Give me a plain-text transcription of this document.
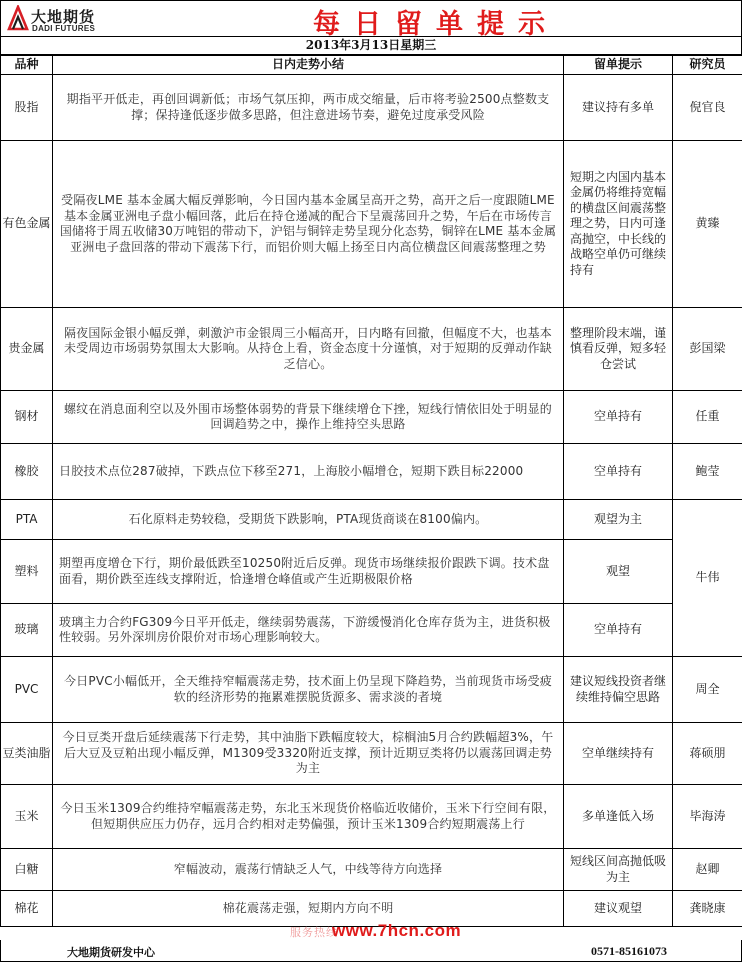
大地期货
DADI FUTURES	每日留单提示
2013年3月13日星期三
品种	日内走势小结	留单提示	研究员
股指	期指平开低走，再创回调新低；市场气氛压抑，两市成交缩量，后市将考验2500点整数支撑；保持逢低逐步做多思路，但注意进场节奏，避免过度承受风险	建议持有多单	倪官良
有色金属	受隔夜LME 基本金属大幅反弹影响，今日国内基本金属呈高开之势，高开之后一度跟随LME 基本金属亚洲电子盘小幅回落，此后在持仓递减的配合下呈震荡回升之势，午后在市场传言国储将于周五收储30万吨铝的带动下，沪铝与铜锌走势呈现分化态势，铜锌在LME 基本金属亚洲电子盘回落的带动下震荡下行，而铝价则大幅上扬至日内高位横盘区间震荡整理之势	短期之内国内基本金属仍将维持宽幅的横盘区间震荡整理之势，日内可逢高抛空，中长线的战略空单仍可继续持有	黄臻
贵金属	隔夜国际金银小幅反弹，刺激沪市金银周三小幅高开，日内略有回撤，但幅度不大，也基本未受周边市场弱势氛围太大影响。从持仓上看，资金态度十分谨慎，对于短期的反弹动作缺乏信心。	整理阶段末端，谨慎看反弹，短多轻仓尝试	彭国梁
钢材	螺纹在消息面利空以及外围市场整体弱势的背景下继续增仓下挫，短线行情依旧处于明显的回调趋势之中，操作上维持空头思路	空单持有	任重
橡胶	日胶技术点位287破掉，下跌点位下移至271，上海胶小幅增仓，短期下跌目标22000	空单持有	鲍莹
PTA	石化原料走势较稳，受期货下跌影响，PTA现货商谈在8100偏内。	观望为主	牛伟
塑料	期塑再度增仓下行，期价最低跌至10250附近后反弹。现货市场继续报价跟跌下调。技术盘面看，期价跌至连线支撑附近，恰逢增仓峰值或产生近期极限价格	观望	
玻璃	玻璃主力合约FG309今日平开低走，继续弱势震荡，下游缓慢消化仓库存货为主，进货积极性较弱。另外深圳房价限价对市场心理影响较大。	空单持有	
PVC	今日PVC小幅低开，全天维持窄幅震荡走势，技术面上仍呈现下降趋势，当前现货市场受疲软的经济形势的拖累难摆脱货源多、需求淡的者境	建议短线投资者继续维持偏空思路	周全
豆类油脂	今日豆类开盘后延续震荡下行走势，其中油脂下跌幅度较大，棕榈油5月合约跌幅超3%，午后大豆及豆粕出现小幅反弹，M1309受3320附近支撑，预计近期豆类将仍以震荡回调走势为主	空单继续持有	蒋硕朋
玉米	今日玉米1309合约维持窄幅震荡走势，东北玉米现货价格临近收储价，玉米下行空间有限，但短期供应压力仍存，远月合约相对走势偏强，预计玉米1309合约短期震荡上行	多单逢低入场	毕海涛
白糖	窄幅波动，震荡行情缺乏人气，中线等待方向选择	短线区间高抛低吸为主	赵卿
棉花	棉花震荡走强，短期内方向不明	建议观望	龚晓康
服务热线
www.7hcn.com
大地期货研发中心	0571-85161073
